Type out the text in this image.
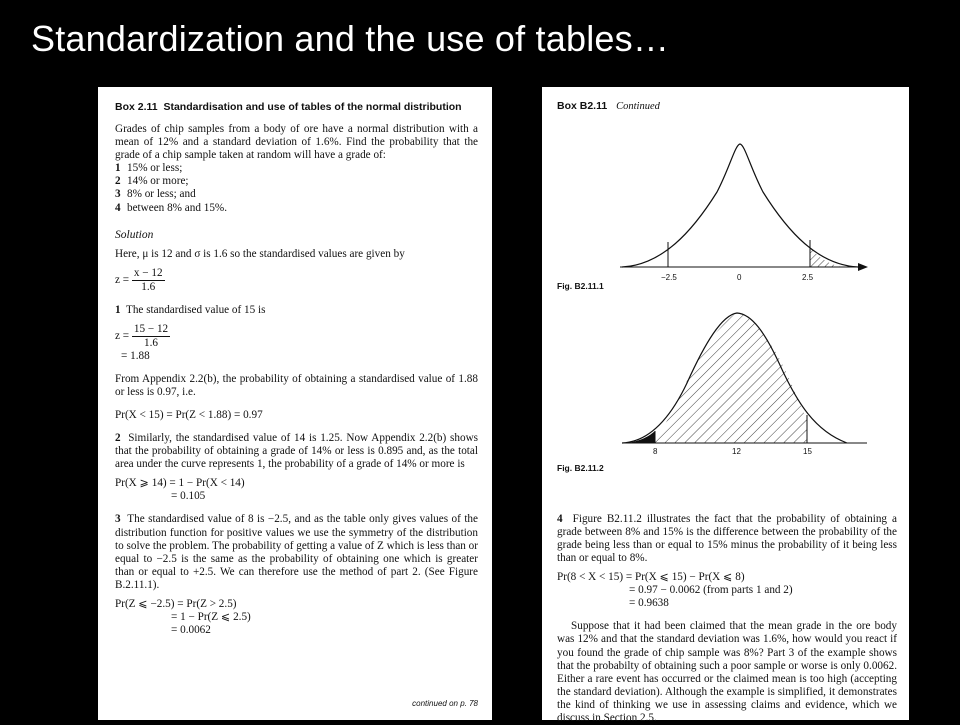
Standardization and the use of tables…
Box 2.11 Standardisation and use of tables of the normal distribution

Grades of chip samples from a body of ore have a normal distribution with a mean of 12% and a standard deviation of 1.6%. Find the probability that the grade of a chip sample taken at random will have a grade of:

1 15% or less;
2 14% or more;
3 8% or less; and
4 between 8% and 15%.

Solution

Here, μ is 12 and σ is 1.6 so the standardised values are given by

$z = \frac{x - 12}{1.6}$

1 The standardised value of 15 is

$z = \frac{15 - 12}{1.6}$
= 1.88

From Appendix 2.2(b), the probability of obtaining a standardised value of 1.88 or less is 0.97, i.e.

Pr(X < 15) = Pr(Z < 1.88) = 0.97

2 Similarly, the standardised value of 14 is 1.25. Now Appendix 2.2(b) shows that the probability of obtaining a grade of 14% or less is 0.895 and, as the total area under the curve represents 1, the probability of a grade of 14% or more is

Pr(X ⩾ 14) = 1 − Pr(X < 14)
= 0.105

3 The standardised value of 8 is −2.5, and as the table only gives values of the distribution function for positive values we use the symmetry of the distribution to solve the problem. The probability of getting a value of Z which is less than or equal to −2.5 is the same as the probability of obtaining one which is greater than or equal to +2.5. We can therefore use the method of part 2. (See Figure B.2.11.1).

Pr(Z ⩽ −2.5) = Pr(Z > 2.5)
= 1 − Pr(Z ⩽ 2.5)
= 0.0062
continued on p. 78
Box B2.11 Continued
−2.5	0	2.5
Fig. B2.11.1
8	12	15
Fig. B2.11.2

4 Figure B2.11.2 illustrates the fact that the probability of obtaining a grade between 8% and 15% is the difference between the probability of the grade being less than or equal to 15% minus the probability of it being less than or equal to 8%.

Pr(8 < X < 15) = Pr(X ⩽ 15) − Pr(X ⩽ 8)
= 0.97 − 0.0062 (from parts 1 and 2)
= 0.9638

Suppose that it had been claimed that the mean grade in the ore body was 12% and that the standard deviation was 1.6%, how would you react if you found the grade of chip sample was 8%? Part 3 of the example shows that the probabilty of obtaining such a poor sample or worse is only 0.0062. Either a rare event has occurred or the claimed mean is too high (accepting the standard deviation). Although the example is simplified, it demonstrates the kind of thinking we use in assessing claims and evidence, which we discuss in Section 2.5.
